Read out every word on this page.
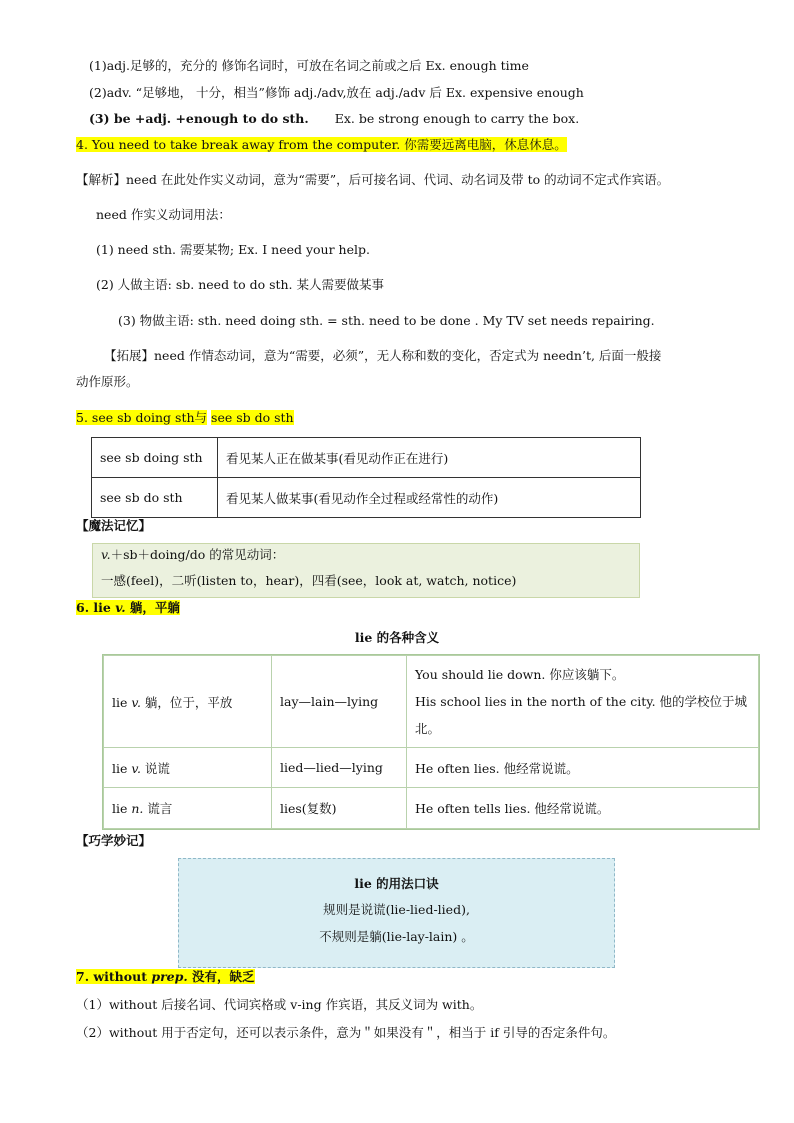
(1)adj.足够的，充分的 修饰名词时，可放在名词之前或之后 Ex. enough time
(2)adv. “足够地， 十分，相当”修饰 adj./adv,放在 adj./adv 后 Ex. expensive enough
(3) be +adj. +enough to do sth. Ex. be strong enough to carry the box.
4. You need to take break away from the computer. 你需要远离电脑，休息休息。
【解析】need 在此处作实义动词，意为“需要”，后可接名词、代词、动名词及带 to 的动词不定式作宾语。
need 作实义动词用法：
(1) need sth. 需要某物; Ex. I need your help.
(2) 人做主语: sb. need to do sth. 某人需要做某事
(3) 物做主语: sth. need doing sth. = sth. need to be done . My TV set needs repairing.
【拓展】need 作情态动词，意为“需要，必须”，无人称和数的变化，否定式为 needn’t, 后面一般接
动作原形。
5. see sb doing sth与 see sb do sth
see sb doing sth	看见某人正在做某事(看见动作正在进行)
see sb do sth	看见某人做某事(看见动作全过程或经常性的动作)
【魔法记忆】
v.＋sb＋doing/do 的常见动词：
一感(feel)，二听(listen to，hear)，四看(see，look at, watch, notice)
6. lie v. 躺，平躺
lie 的各种含义
lie v. 躺，位于，平放	lay—lain—lying	You should lie down. 你应该躺下。
His school lies in the north of the city. 他的学校位于城北。

lie v. 说谎	lied—lied—lying	He often lies. 他经常说谎。
lie n. 谎言	lies(复数)	He often tells lies. 他经常说谎。
【巧学妙记】
lie 的用法口诀
规则是说谎(lie-lied-lied),
不规则是躺(lie-lay-lain) 。
7. without prep. 没有，缺乏
（1）without 后接名词、代词宾格或 v-ing 作宾语，其反义词为 with。
（2）without 用于否定句，还可以表示条件，意为＂如果没有＂，相当于 if 引导的否定条件句。
